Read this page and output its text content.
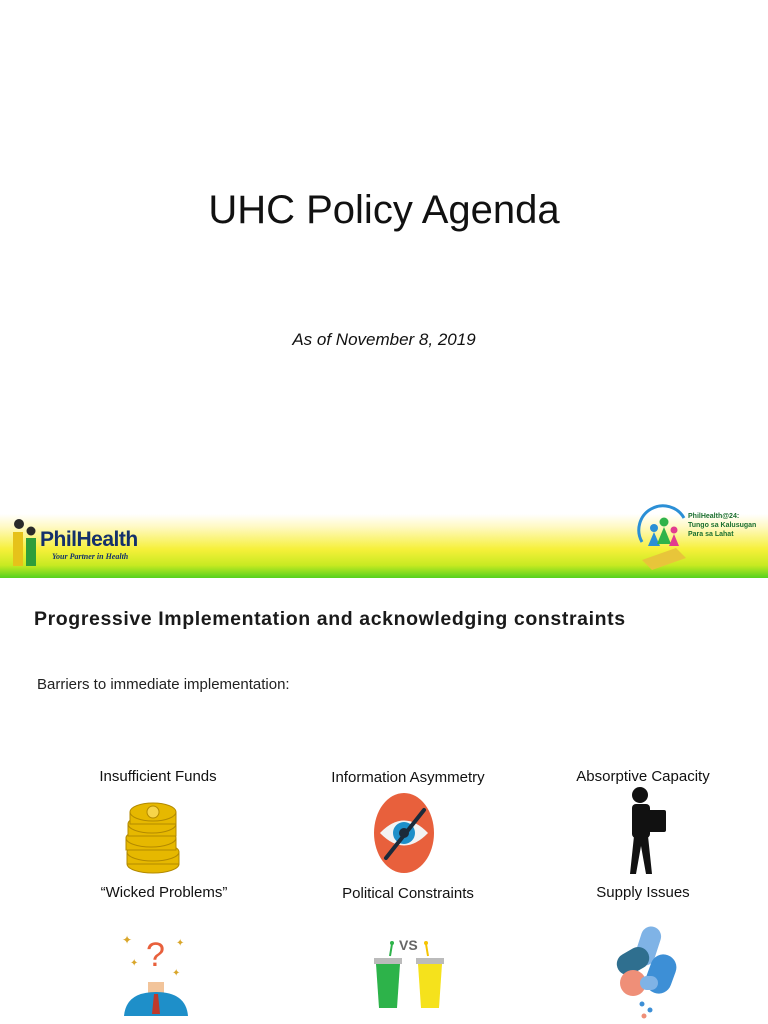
UHC Policy Agenda
As of November 8, 2019
PhilHealth
Your Partner in Health
PhilHealth@24:
Tungo sa Kalusugan
Para sa Lahat
Progressive Implementation and acknowledging constraints
Barriers to immediate implementation:
Insufficient Funds	Information Asymmetry	Absorptive Capacity
“Wicked Problems”	Political Constraints	Supply Issues
?
✦	✦
✦
✦
VS
